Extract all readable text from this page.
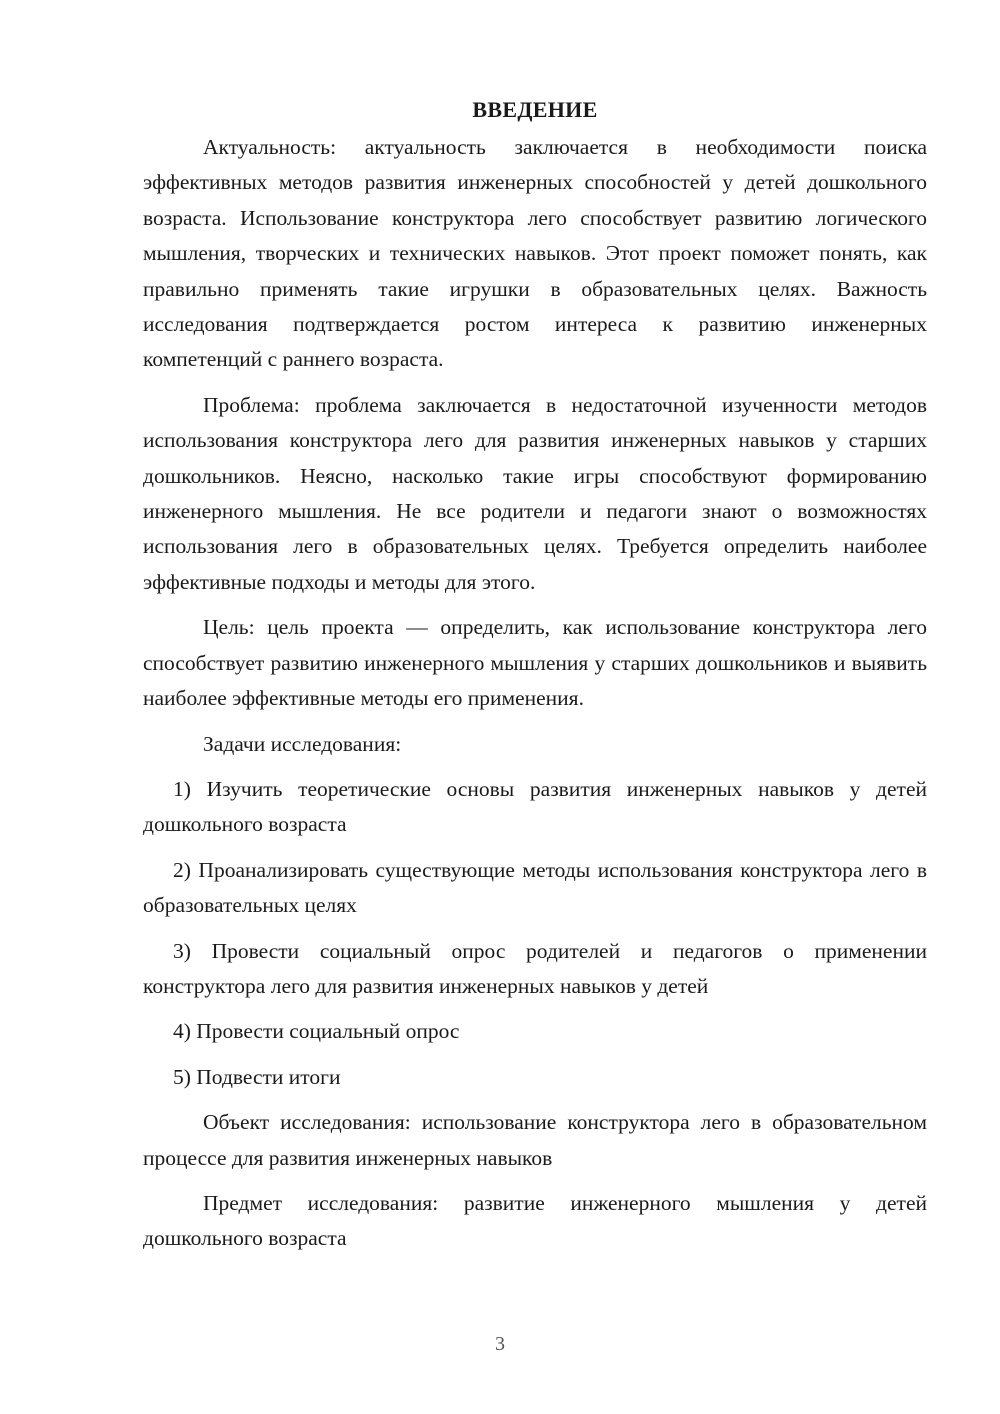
ВВЕДЕНИЕ

Актуальность: актуальность заключается в необходимости поиска эффективных методов развития инженерных способностей у детей дошкольного возраста. Использование конструктора лего способствует развитию логического мышления, творческих и технических навыков. Этот проект поможет понять, как правильно применять такие игрушки в образовательных целях. Важность исследования подтверждается ростом интереса к развитию инженерных компетенций с раннего возраста.

Проблема: проблема заключается в недостаточной изученности методов использования конструктора лего для развития инженерных навыков у старших дошкольников. Неясно, насколько такие игры способствуют формированию инженерного мышления. Не все родители и педагоги знают о возможностях использования лего в образовательных целях. Требуется определить наиболее эффективные подходы и методы для этого.

Цель: цель проекта — определить, как использование конструктора лего способствует развитию инженерного мышления у старших дошкольников и выявить наиболее эффективные методы его применения.

Задачи исследования:

1) Изучить теоретические основы развития инженерных навыков у детей дошкольного возраста

2) Проанализировать существующие методы использования конструктора лего в образовательных целях

3) Провести социальный опрос родителей и педагогов о применении конструктора лего для развития инженерных навыков у детей

4) Провести социальный опрос

5) Подвести итоги

Объект исследования: использование конструктора лего в образовательном процессе для развития инженерных навыков

Предмет исследования: развитие инженерного мышления у детей дошкольного возраста

3
